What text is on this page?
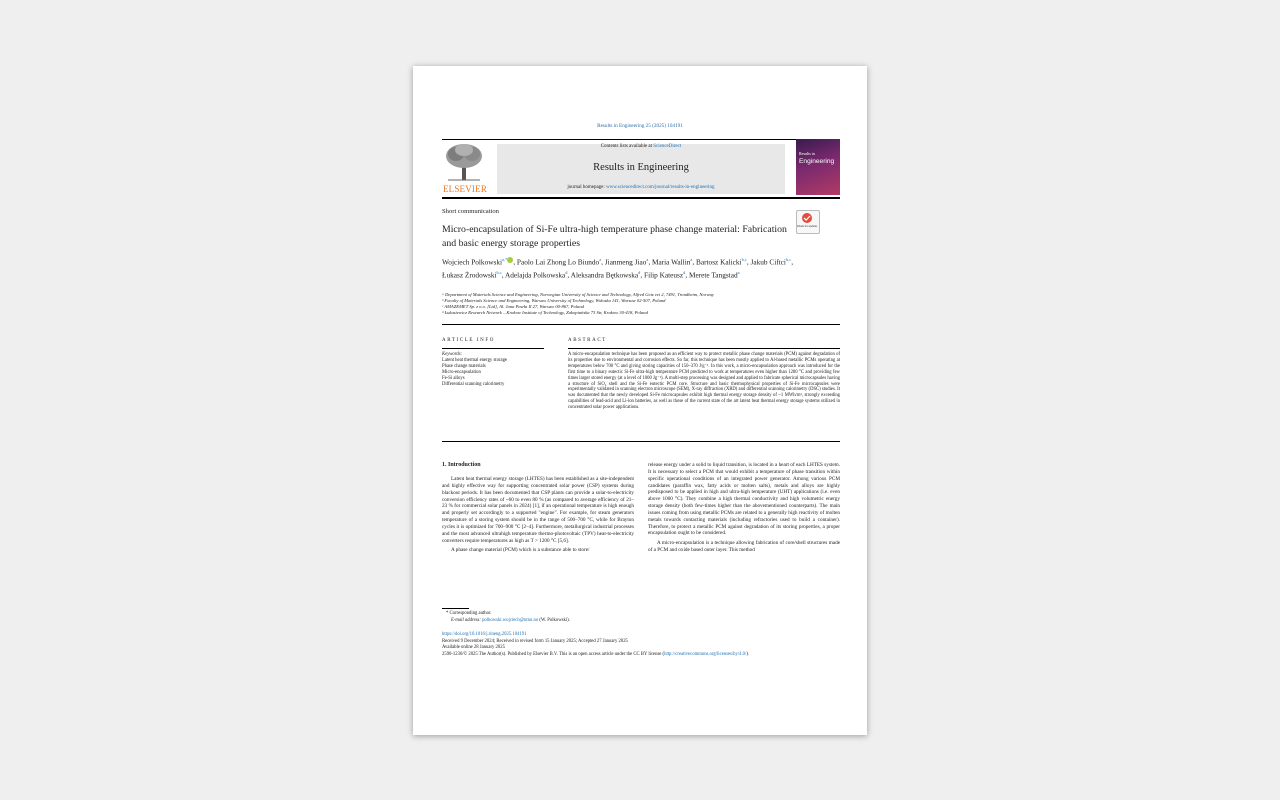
Results in Engineering 25 (2025) 104191
ELSEVIER
Contents lists available at ScienceDirect
Results in Engineering
journal homepage: www.sciencedirect.com/journal/results-in-engineering
Results in
Engineering
Short communication
Check for updates
Micro-encapsulation of Si-Fe ultra-high temperature phase change material: Fabrication and basic energy storage properties
Wojciech Polkowski$^{a,*}$ , Paolo Lai Zhong Lo Biundo$^a$, Jianmeng Jiao$^a$, Maria Wallin$^a$, Bartosz Kalicki$^{b,c}$, Jakub Ciftci$^{b,c}$, Łukasz Żrodowski$^{b,c}$, Adelajda Polkowska$^d$, Aleksandra Bętkowska$^d$, Filip Kateusz$^d$, Merete Tangstad$^a$
ᵃ Department of Materials Science and Engineering, Norwegian University of Science and Technology, Alfred Getz vei 2, 7491, Trondheim, Norway
ᵇ Faculty of Materials Science and Engineering, Warsaw University of Technology, Wołoska 141, Warsaw 02-507, Poland
ᶜ AMAZEMET Sp. z o.o. [Ltd], Al. Jana Pawła II 27, Warsaw 00-867, Poland
ᵈ Łukasiewicz Research Network – Krakow Institute of Technology, Zakopiańska 73 Str, Krakow 30-418, Poland
ARTICLE INFO	ABSTRACT
Keywords:
Latent heat thermal energy storage
Phase change materials
Micro-encapsulation
Fe-Si alloys
Differential scanning calorimetry
A micro-encapsulation technique has been proposed as an efficient way to protect metallic phase change materials (PCM) against degradation of its properties due to environmental and corrosion effects. So far, this technique has been mostly applied to Al-based metallic PCMs operating at temperatures below 700 °C and giving storing capacities of 150–370 J/g⁻¹. In this work, a micro-encapsulation approach was introduced for the first time to a binary eutectic Si-Fe ultra-high temperature PCM predicted to work at temperatures even higher than 1200 °C and providing few times larger stored energy (at a level of 1000 Jg⁻¹). A multi-step processing was designed and applied to fabricate spherical microcapsules having a structure of SiO₂ shell and the Si-Fe eutectic PCM core. Structure and basic thermophysical properties of Si-Fe microcapsules were experimentally validated in scanning electron microscope (SEM), X-ray diffraction (XRD) and differential scanning calorimetry (DSC) studies. It was documented that the newly developed Si-Fe microcapsules exhibit high thermal energy storage density of ~1 MWh/m³, strongly exceeding capabilities of lead-acid and Li-ion batteries, as well as those of the current state of the art latent heat thermal energy storage systems utilized in concentrated solar power applications.
1. Introduction

Latent heat thermal energy storage (LHTES) has been established as a site-independent and highly effective way for supporting concentrated solar power (CSP) systems during blackout periods. It has been documented that CSP plants can provide a solar-to-electricity conversion efficiency rates of ~60 to even 80 % (as compared to average efficiency of 21–23 % for commercial solar panels in 2024) [1], if an operational temperature is high enough and properly set accordingly to a supported "engine". For example, for steam generators temperature of a storing system should be in the range of 500–700 °C, while for Brayton cycles it is optimized for 700–900 °C [2–4]. Furthermore, metallurgical industrial processes and the most advanced ultrahigh temperature thermo-photovoltaic (TPV) heat-to-electricity converters require temperatures as high as T > 1200 °C [5,6].

A phase change material (PCM) which is a substance able to store/

release energy under a solid to liquid transition, is located in a heart of each LHTES system. It is necessary to select a PCM that would exhibit a temperature of phase transition within specific operational conditions of an integrated power generator. Among various PCM candidates (paraffin wax, fatty acids or molten salts), metals and alloys are highly predisposed to be applied in high and ultra-high temperature (UHT) applications (i.e. even above 1000 °C). They combine a high thermal conductivity and high volumetric energy storage density (both few-times higher than the abovementioned counterparts). The main issues coming from using metallic PCMs are related to a generally high reactivity of molten metals towards contacting materials (including refractories used to build a container). Therefore, to protect a metallic PCM against degradation of its storing properties, a proper encapsulation ought to be considered.

A micro-encapsulation is a technique allowing fabrication of core/shell structures made of a PCM and oxide based outer layer. This method

* Corresponding author.
E-mail address: polkowski.wojciech@ntnu.no (W. Polkowski).
https://doi.org/10.1016/j.rineng.2025.104191
Received 9 December 2024; Received in revised form 15 January 2025; Accepted 27 January 2025
Available online 28 January 2025
2590-1230/© 2025 The Author(s). Published by Elsevier B.V. This is an open access article under the CC BY license (http://creativecommons.org/licenses/by/4.0/).
